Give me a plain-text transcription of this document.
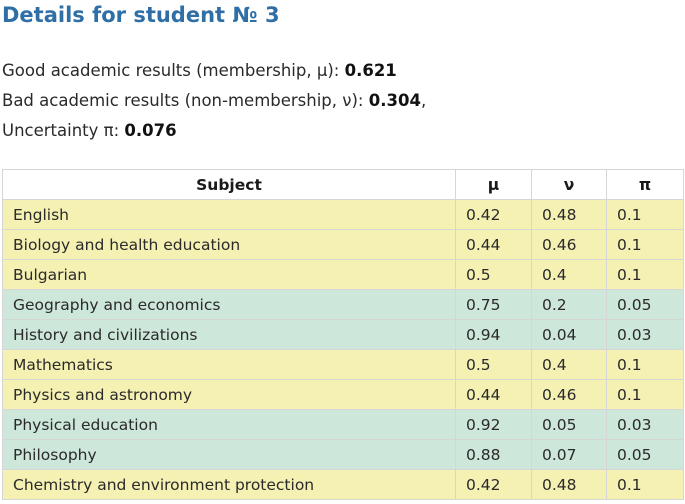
Details for student № 3
Good academic results (membership, μ): 0.621
Bad academic results (non-membership, ν): 0.304,
Uncertainty π: 0.076
Subject	μ	ν	π
English	0.42	0.48	0.1
Biology and health education	0.44	0.46	0.1
Bulgarian	0.5	0.4	0.1
Geography and economics	0.75	0.2	0.05
History and civilizations	0.94	0.04	0.03
Mathematics	0.5	0.4	0.1
Physics and astronomy	0.44	0.46	0.1
Physical education	0.92	0.05	0.03
Philosophy	0.88	0.07	0.05
Chemistry and environment protection	0.42	0.48	0.1
